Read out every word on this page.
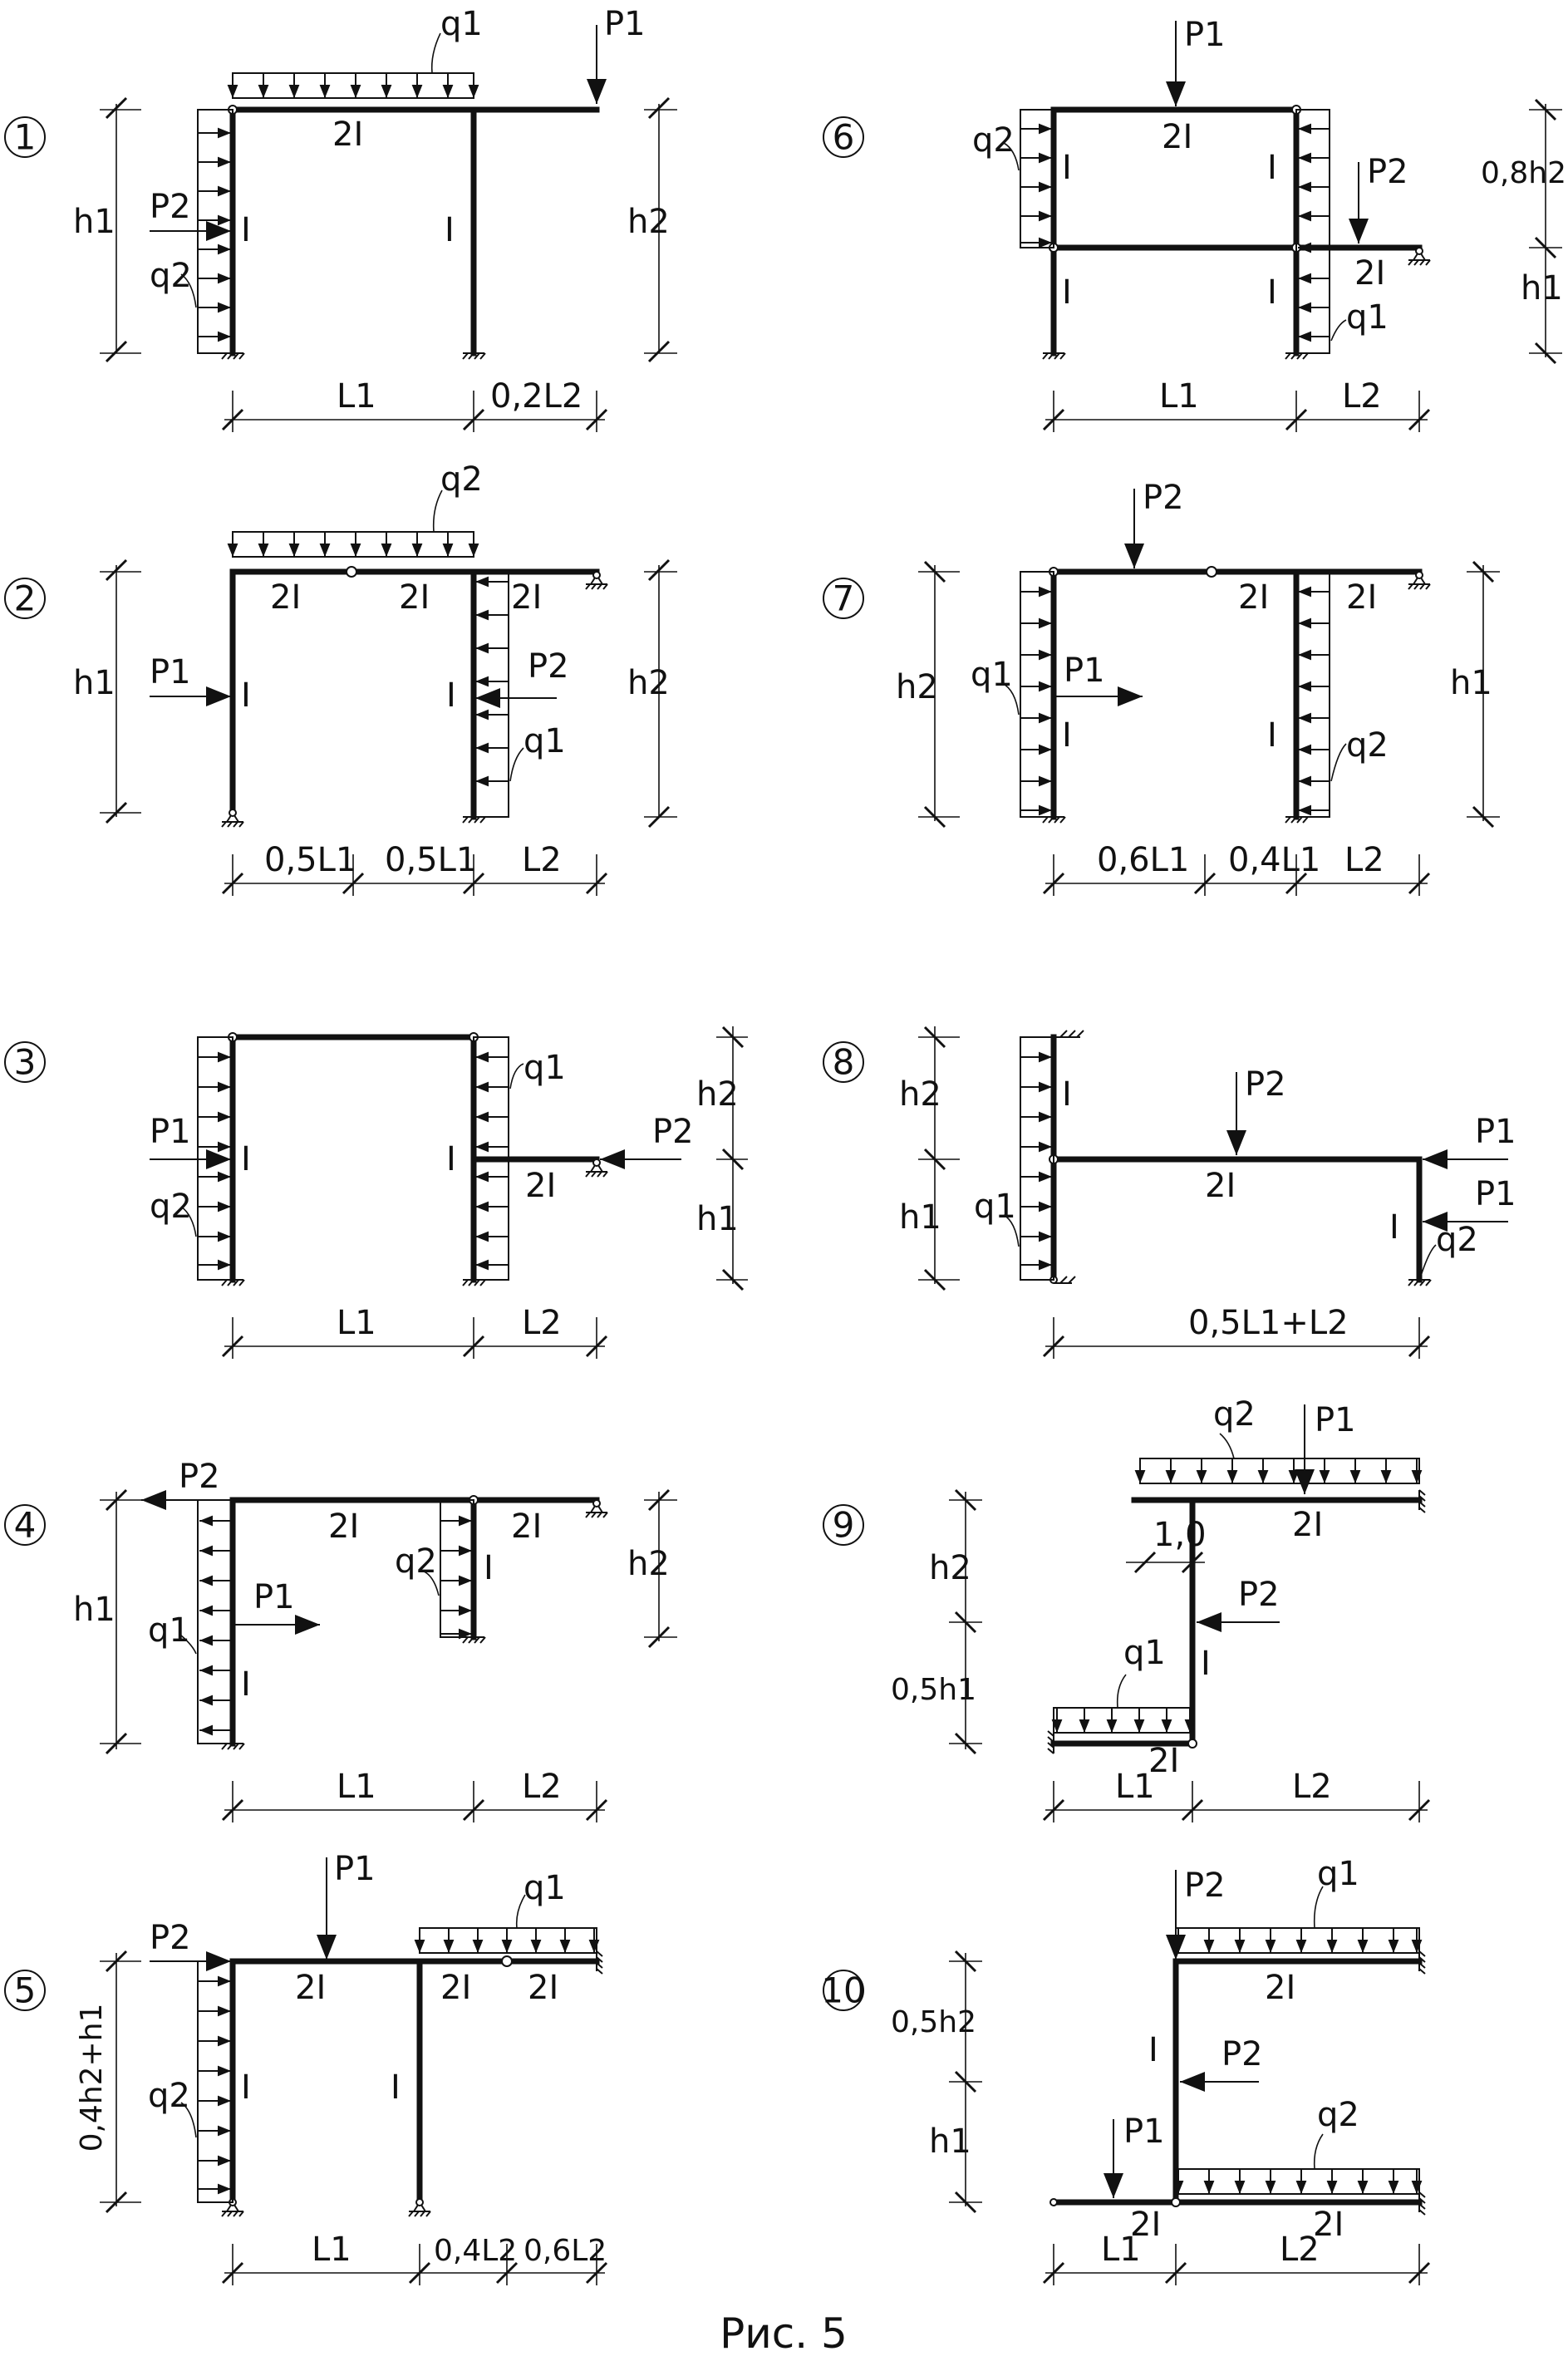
1
q1	P1
2I
P2
I	I
q2
h1	h2
L1	0,2L2
2
q2
2I	2I 2I
P1
I	I
P2
q1
h1	h2
0,5L1 0,5L1 L2
3	q1
P1
I	I
P2
2I
q2
h2
h1
L1	L2
4
P2
2I	2I
q2 I
P1
q1
I
h1
h2
L1	L2
5
P1	q1
P2
2I	2I 2I
q2 I	I
0,4h2+h1
L1	0,4L2 0,6L2
6
P1
2I
q2
I	I	P2
2I
I	I
q1
0,8h2
h1
L1	L2
7
P2
2I 2I
q1 P1
I	I q2
h2	h1
0,6L1 0,4L1 L2
8
I	P2
2I
P1
P1
I
q1
q2
h2
h1
0,5L1+L2
9
q2 P1
2I
1,0
P2
I
q1
2I
h2
0,5h1
L1	L2
10
P2	q1
2I
I P2
q2
P1
2I	2I
0,5h2
h1
L1	L2
Рис. 5
